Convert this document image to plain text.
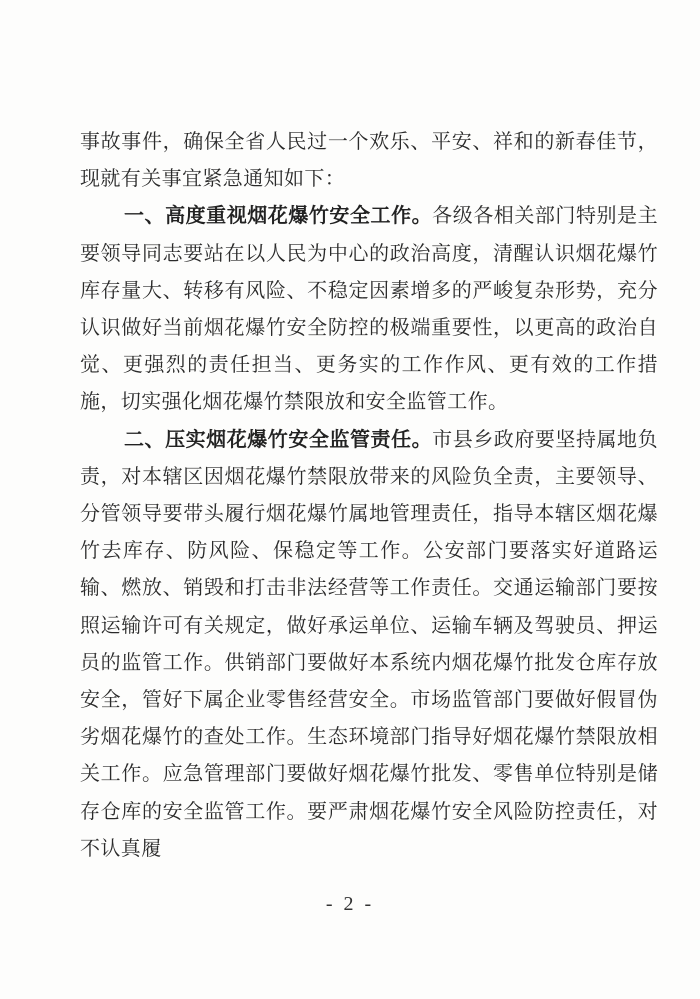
事故事件，确保全省人民过一个欢乐、平安、祥和的新春佳节，现就有关事宜紧急通知如下：

一、高度重视烟花爆竹安全工作。各级各相关部门特别是主要领导同志要站在以人民为中心的政治高度，清醒认识烟花爆竹库存量大、转移有风险、不稳定因素增多的严峻复杂形势，充分认识做好当前烟花爆竹安全防控的极端重要性，以更高的政治自觉、更强烈的责任担当、更务实的工作作风、更有效的工作措施，切实强化烟花爆竹禁限放和安全监管工作。

二、压实烟花爆竹安全监管责任。市县乡政府要坚持属地负责，对本辖区因烟花爆竹禁限放带来的风险负全责，主要领导、分管领导要带头履行烟花爆竹属地管理责任，指导本辖区烟花爆竹去库存、防风险、保稳定等工作。公安部门要落实好道路运输、燃放、销毁和打击非法经营等工作责任。交通运输部门要按照运输许可有关规定，做好承运单位、运输车辆及驾驶员、押运员的监管工作。供销部门要做好本系统内烟花爆竹批发仓库存放安全，管好下属企业零售经营安全。市场监管部门要做好假冒伪劣烟花爆竹的查处工作。生态环境部门指导好烟花爆竹禁限放相关工作。应急管理部门要做好烟花爆竹批发、零售单位特别是储存仓库的安全监管工作。要严肃烟花爆竹安全风险防控责任，对不认真履

- 2 -
